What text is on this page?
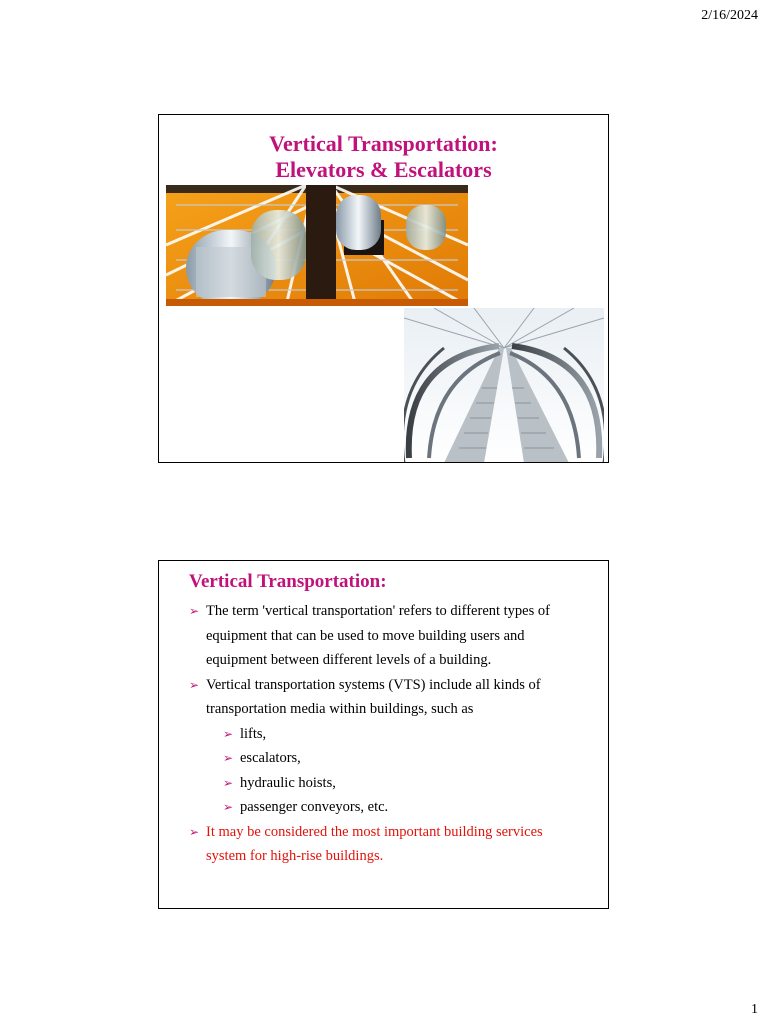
2/16/2024
Vertical Transportation:
Elevators & Escalators
Vertical Transportation:
➢ The term 'vertical transportation' refers to different types of
equipment that can be used to move building users and
equipment between different levels of a building.
➢ Vertical transportation systems (VTS) include all kinds of
transportation media within buildings, such as
➢ lifts,
➢ escalators,
➢ hydraulic hoists,
➢ passenger conveyors, etc.
➢ It may be considered the most important building services
system for high-rise buildings.
1
